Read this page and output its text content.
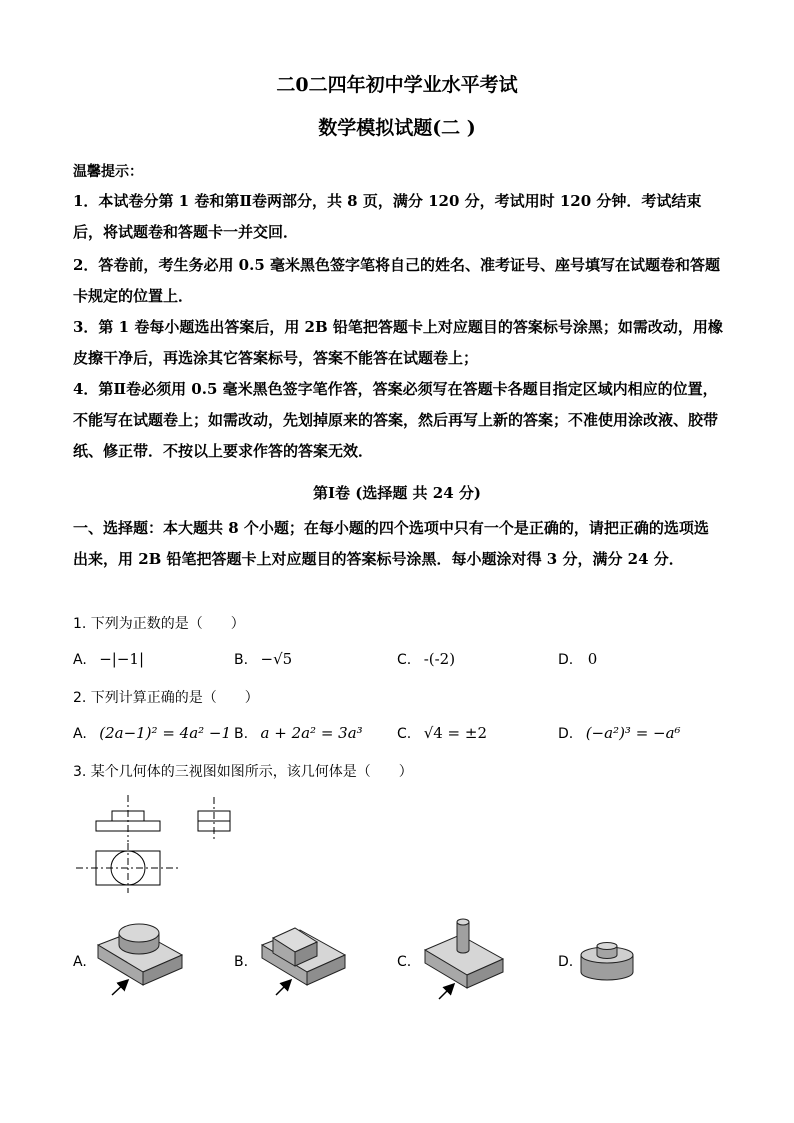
二0二四年初中学业水平考试
数学模拟试题(二 )
温馨提示：
1．本试卷分第 1 卷和第Ⅱ卷两部分，共 8 页，满分 120 分，考试用时 120 分钟．考试结束后，将试题卷和答题卡一并交回．
2．答卷前，考生务必用 0.5 毫米黑色签字笔将自己的姓名、准考证号、座号填写在试题卷和答题卡规定的位置上．
3．第 1 卷每小题选出答案后，用 2B 铅笔把答题卡上对应题目的答案标号涂黑；如需改动，用橡皮擦干净后，再选涂其它答案标号，答案不能答在试题卷上；
4．第Ⅱ卷必须用 0.5 毫米黑色签字笔作答，答案必须写在答题卡各题目指定区域内相应的位置，不能写在试题卷上；如需改动，先划掉原来的答案，然后再写上新的答案；不准使用涂改液、胶带纸、修正带．不按以上要求作答的答案无效．
第Ⅰ卷 (选择题 共 24 分)
一、选择题：本大题共 8 个小题；在每小题的四个选项中只有一个是正确的，请把正确的选项选出来，用 2B 铅笔把答题卡上对应题目的答案标号涂黑．每小题涂对得 3 分，满分 24 分．
1. 下列为正数的是（　　）
A. −|−1|	B. −√5	C. -(-2)	D. 0
2. 下列计算正确的是（　　）
A. (2a−1)² = 4a² −1 B. a + 2a² = 3a³ C. √4 = ±2	D. (−a²)³ = −a⁶
3. 某个几何体的三视图如图所示，该几何体是（　　）
A.	B.	C.	D.
